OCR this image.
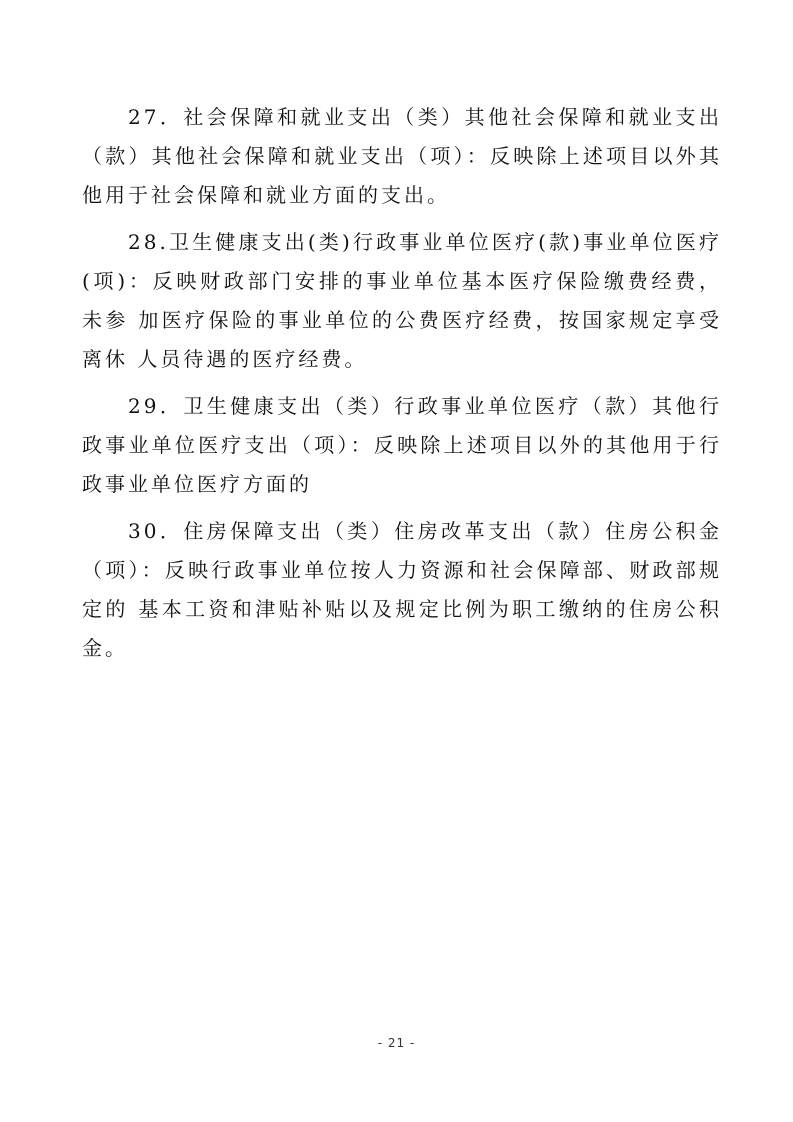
27．社会保障和就业支出（类）其他社会保障和就业支出（款）其他社会保障和就业支出（项）：反映除上述项目以外其他用于社会保障和就业方面的支出。

28.卫生健康支出(类)行政事业单位医疗(款)事业单位医疗(项)：反映财政部门安排的事业单位基本医疗保险缴费经费，未参 加医疗保险的事业单位的公费医疗经费，按国家规定享受离休 人员待遇的医疗经费。

29．卫生健康支出（类）行政事业单位医疗（款）其他行政事业单位医疗支出（项）：反映除上述项目以外的其他用于行政事业单位医疗方面的

30．住房保障支出（类）住房改革支出（款）住房公积金（项）：反映行政事业单位按人力资源和社会保障部、财政部规定的 基本工资和津贴补贴以及规定比例为职工缴纳的住房公积金。

- 21 -
